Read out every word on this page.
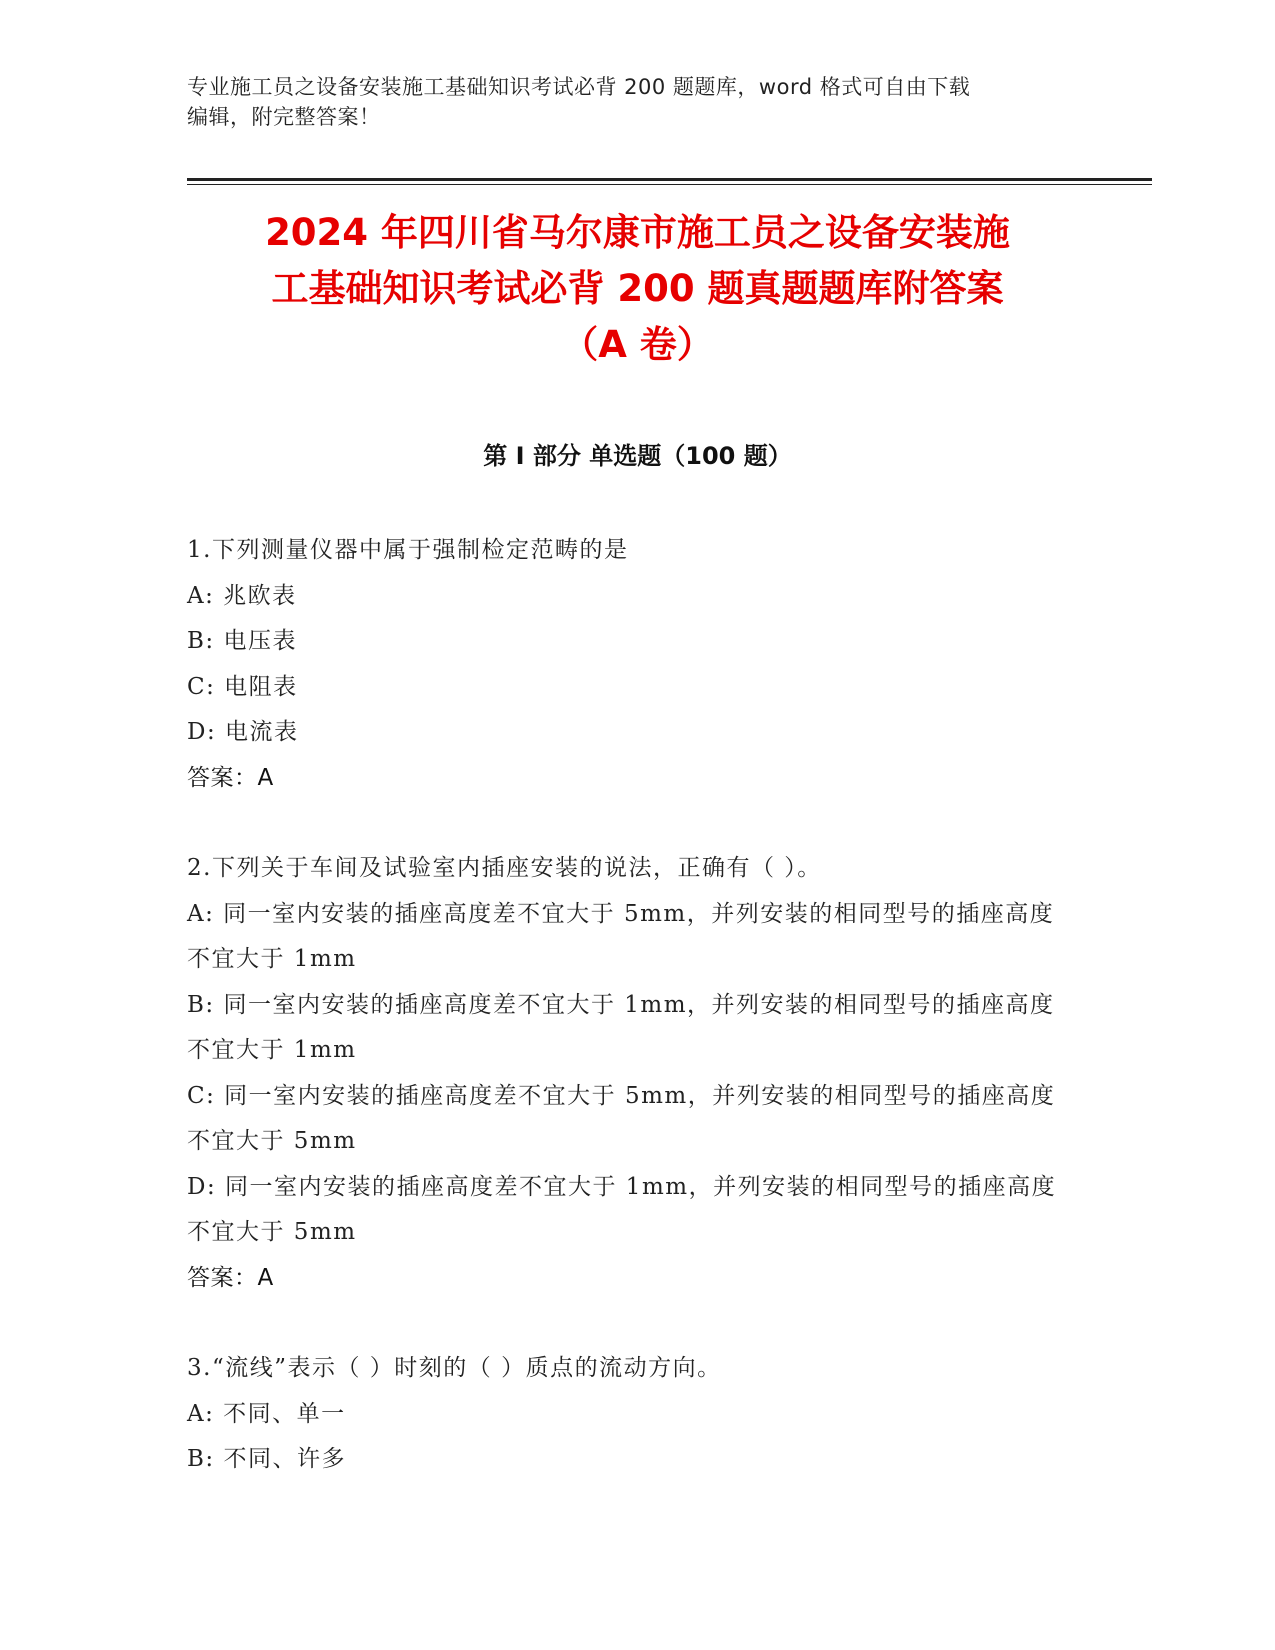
专业施工员之设备安装施工基础知识考试必背 200 题题库，word 格式可自由下载
编辑，附完整答案！
2024 年四川省马尔康市施工员之设备安装施
工基础知识考试必背 200 题真题题库附答案
（A 卷）
第 I 部分 单选题（100 题）

1.下列测量仪器中属于强制检定范畴的是

A: 兆欧表

B: 电压表

C: 电阻表

D: 电流表

答案：A

2.下列关于车间及试验室内插座安装的说法，正确有（ ）。

A: 同一室内安装的插座高度差不宜大于 5mm，并列安装的相同型号的插座高度不宜大于 1mm

B: 同一室内安装的插座高度差不宜大于 1mm，并列安装的相同型号的插座高度不宜大于 1mm

C: 同一室内安装的插座高度差不宜大于 5mm，并列安装的相同型号的插座高度不宜大于 5mm

D: 同一室内安装的插座高度差不宜大于 1mm，并列安装的相同型号的插座高度不宜大于 5mm

答案：A

3.“流线”表示（ ）时刻的（ ）质点的流动方向。

A: 不同、单一

B: 不同、许多
